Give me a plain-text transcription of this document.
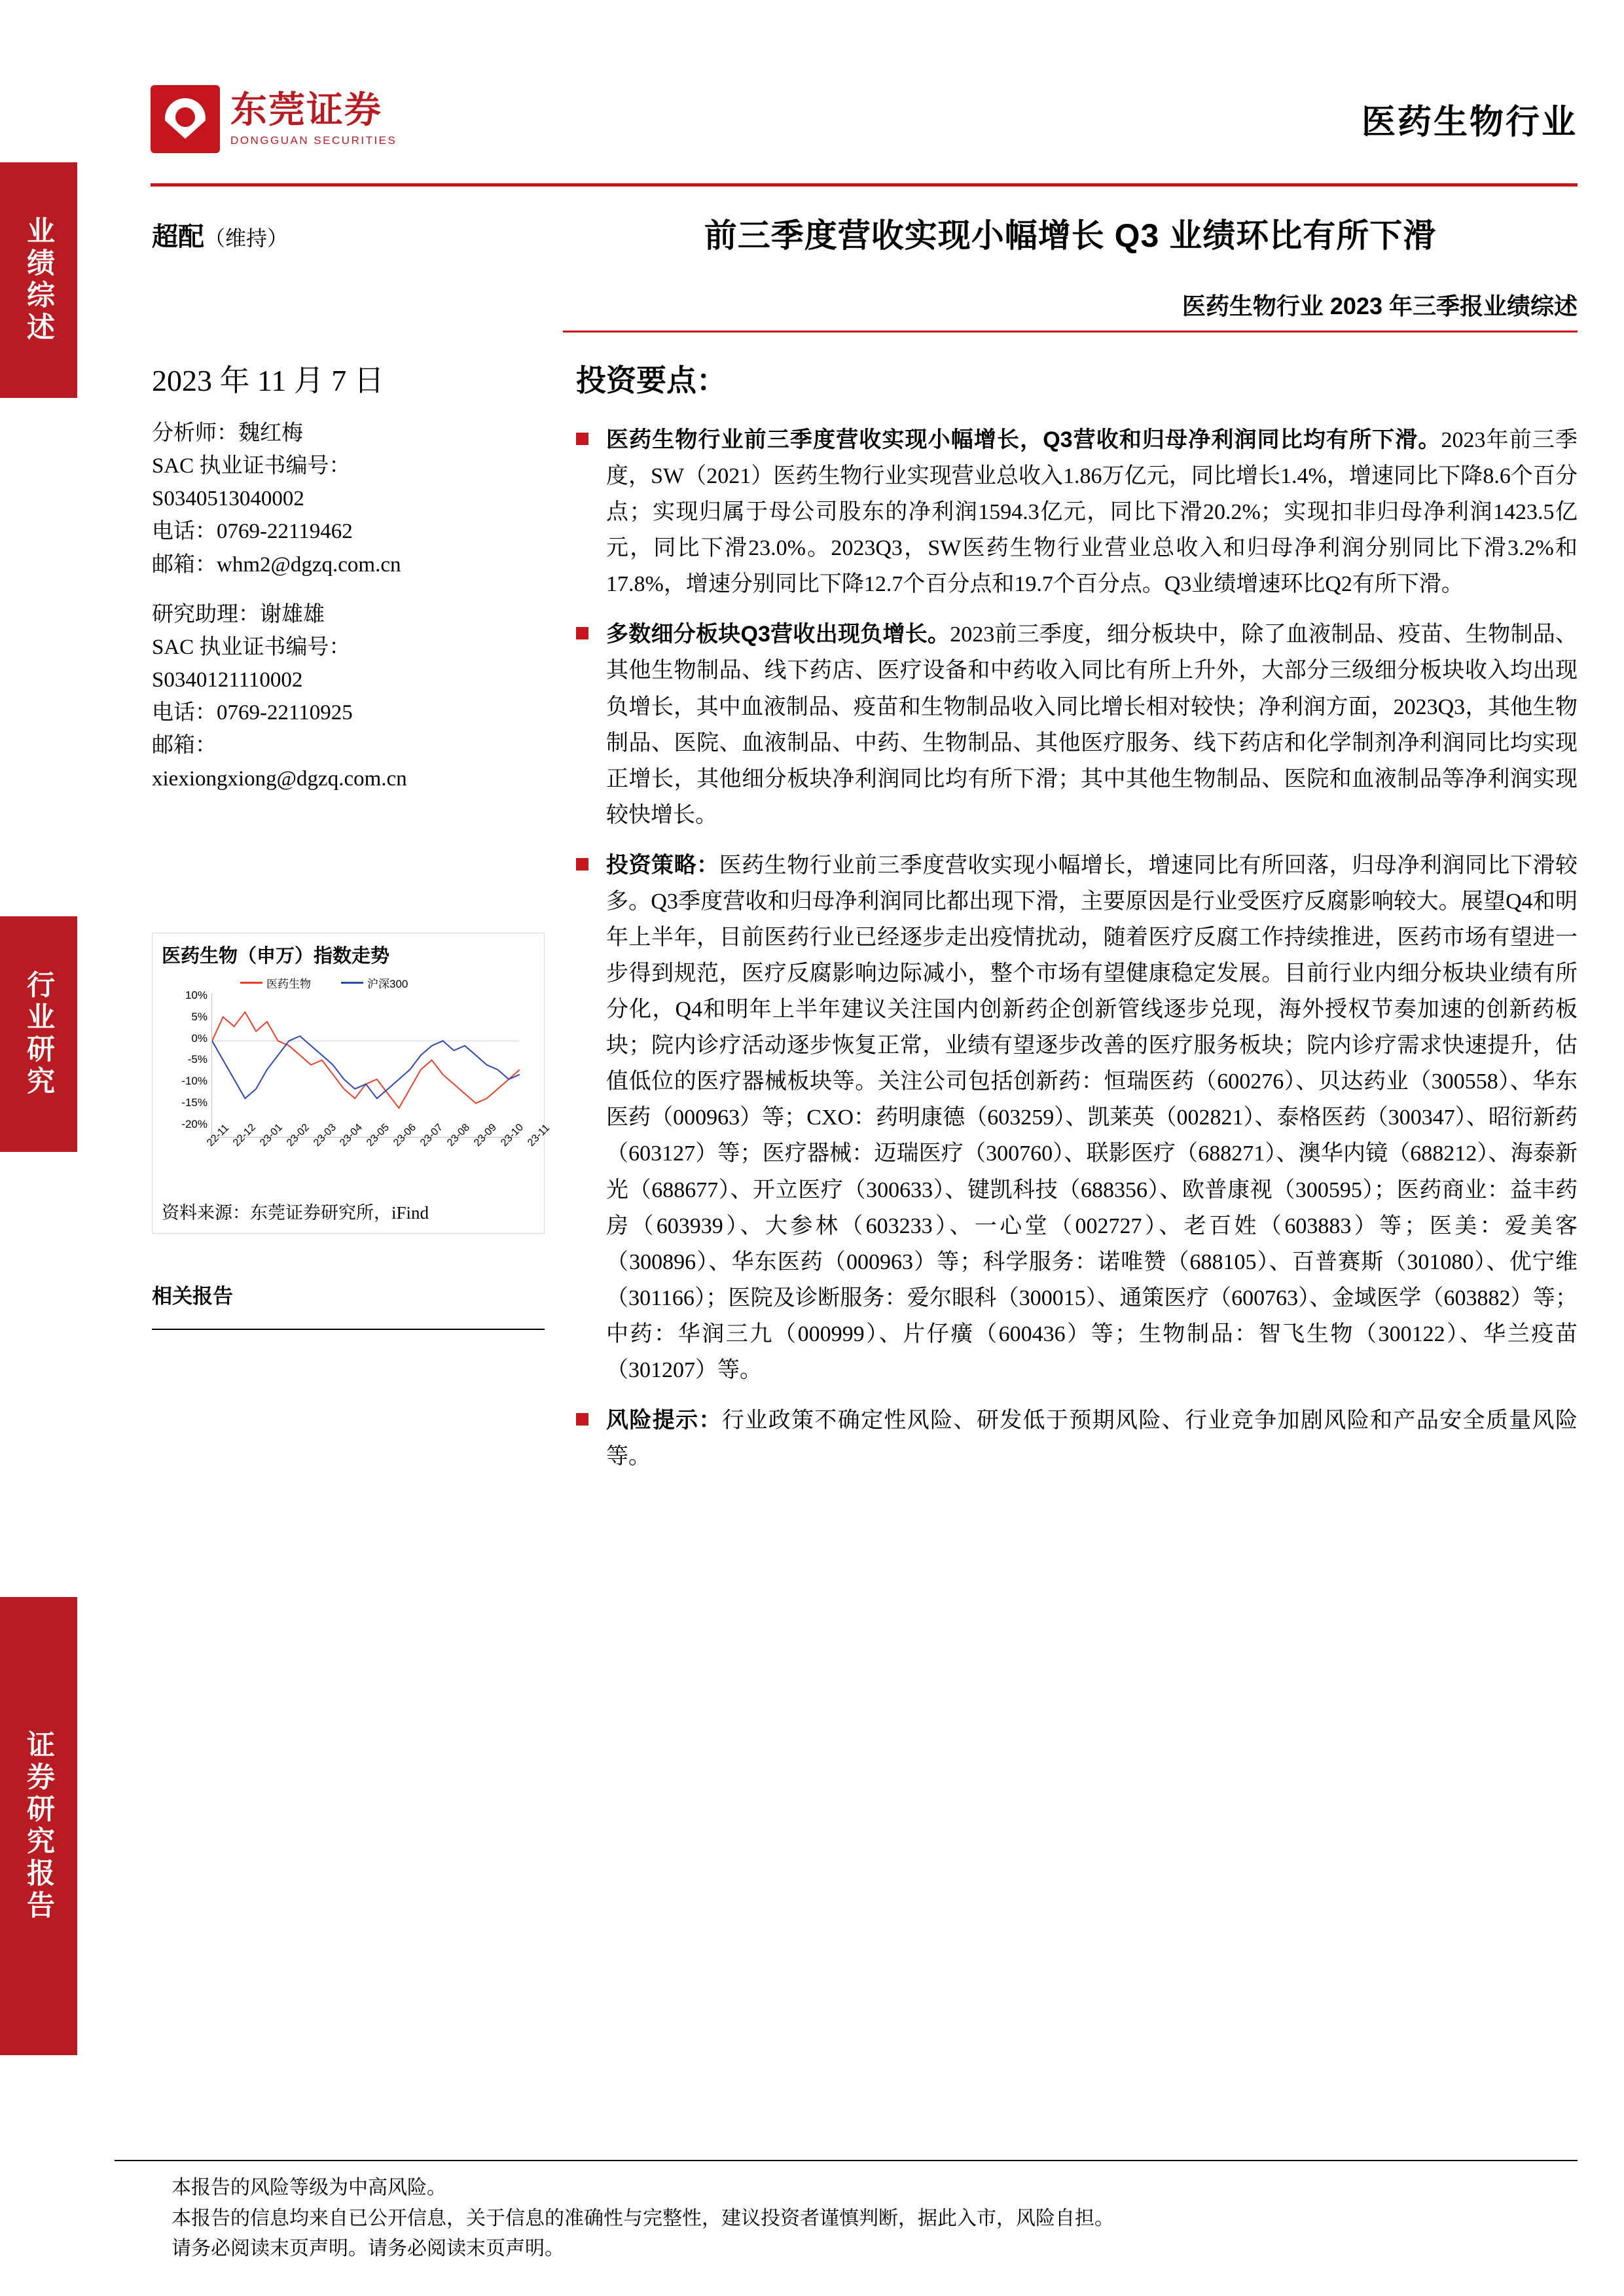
业绩综述
行业研究
证券研究报告
东莞证券
DONGGUAN SECURITIES	医药生物行业
超配（维持）	前三季度营收实现小幅增长 Q3 业绩环比有所下滑
医药生物行业 2023 年三季报业绩综述
2023 年 11 月 7 日
分析师：魏红梅
SAC 执业证书编号：
S0340513040002
电话：0769-22119462
邮箱：whm2@dgzq.com.cn
研究助理：谢雄雄
SAC 执业证书编号：
S0340121110002
电话：0769-22110925
邮箱：
xiexiongxiong@dgzq.com.cn
医药生物（申万）指数走势
医药生物	沪深300
10%
5%
0%
-5%
-10%
-15%
-20%
22-11 22-12 23-01 23-02 23-03 23-04 23-05 23-06 23-07 23-08 23-09 23-10 23-11
资料来源：东莞证券研究所，iFind
相关报告
投资要点：
医药生物行业前三季度营收实现小幅增长，Q3营收和归母净利润同比均有所下滑。2023年前三季度，SW（2021）医药生物行业实现营业总收入1.86万亿元，同比增长1.4%，增速同比下降8.6个百分点；实现归属于母公司股东的净利润1594.3亿元，同比下滑20.2%；实现扣非归母净利润1423.5亿元，同比下滑23.0%。2023Q3，SW医药生物行业营业总收入和归母净利润分别同比下滑3.2%和17.8%，增速分别同比下降12.7个百分点和19.7个百分点。Q3业绩增速环比Q2有所下滑。
多数细分板块Q3营收出现负增长。2023前三季度，细分板块中，除了血液制品、疫苗、生物制品、其他生物制品、线下药店、医疗设备和中药收入同比有所上升外，大部分三级细分板块收入均出现负增长，其中血液制品、疫苗和生物制品收入同比增长相对较快；净利润方面，2023Q3，其他生物制品、医院、血液制品、中药、生物制品、其他医疗服务、线下药店和化学制剂净利润同比均实现正增长，其他细分板块净利润同比均有所下滑；其中其他生物制品、医院和血液制品等净利润实现较快增长。
投资策略：医药生物行业前三季度营收实现小幅增长，增速同比有所回落，归母净利润同比下滑较多。Q3季度营收和归母净利润同比都出现下滑，主要原因是行业受医疗反腐影响较大。展望Q4和明年上半年，目前医药行业已经逐步走出疫情扰动，随着医疗反腐工作持续推进，医药市场有望进一步得到规范，医疗反腐影响边际减小，整个市场有望健康稳定发展。目前行业内细分板块业绩有所分化，Q4和明年上半年建议关注国内创新药企创新管线逐步兑现，海外授权节奏加速的创新药板块；院内诊疗活动逐步恢复正常，业绩有望逐步改善的医疗服务板块；院内诊疗需求快速提升，估值低位的医疗器械板块等。关注公司包括创新药：恒瑞医药（600276）、贝达药业（300558）、华东医药（000963）等；CXO：药明康德（603259）、凯莱英（002821）、泰格医药（300347）、昭衍新药（603127）等；医疗器械：迈瑞医疗（300760）、联影医疗（688271）、澳华内镜（688212）、海泰新光（688677）、开立医疗（300633）、键凯科技（688356）、欧普康视（300595）；医药商业：益丰药房（603939）、大参林（603233）、一心堂（002727）、老百姓（603883）等；医美：爱美客（300896）、华东医药（000963）等；科学服务：诺唯赞（688105）、百普赛斯（301080）、优宁维（301166）；医院及诊断服务：爱尔眼科（300015）、通策医疗（600763）、金域医学（603882）等；中药：华润三九（000999）、片仔癀（600436）等；生物制品：智飞生物（300122）、华兰疫苗（301207）等。
风险提示：行业政策不确定性风险、研发低于预期风险、行业竞争加剧风险和产品安全质量风险等。
本报告的风险等级为中高风险。
本报告的信息均来自已公开信息，关于信息的准确性与完整性，建议投资者谨慎判断，据此入市，风险自担。
请务必阅读末页声明。请务必阅读末页声明。
